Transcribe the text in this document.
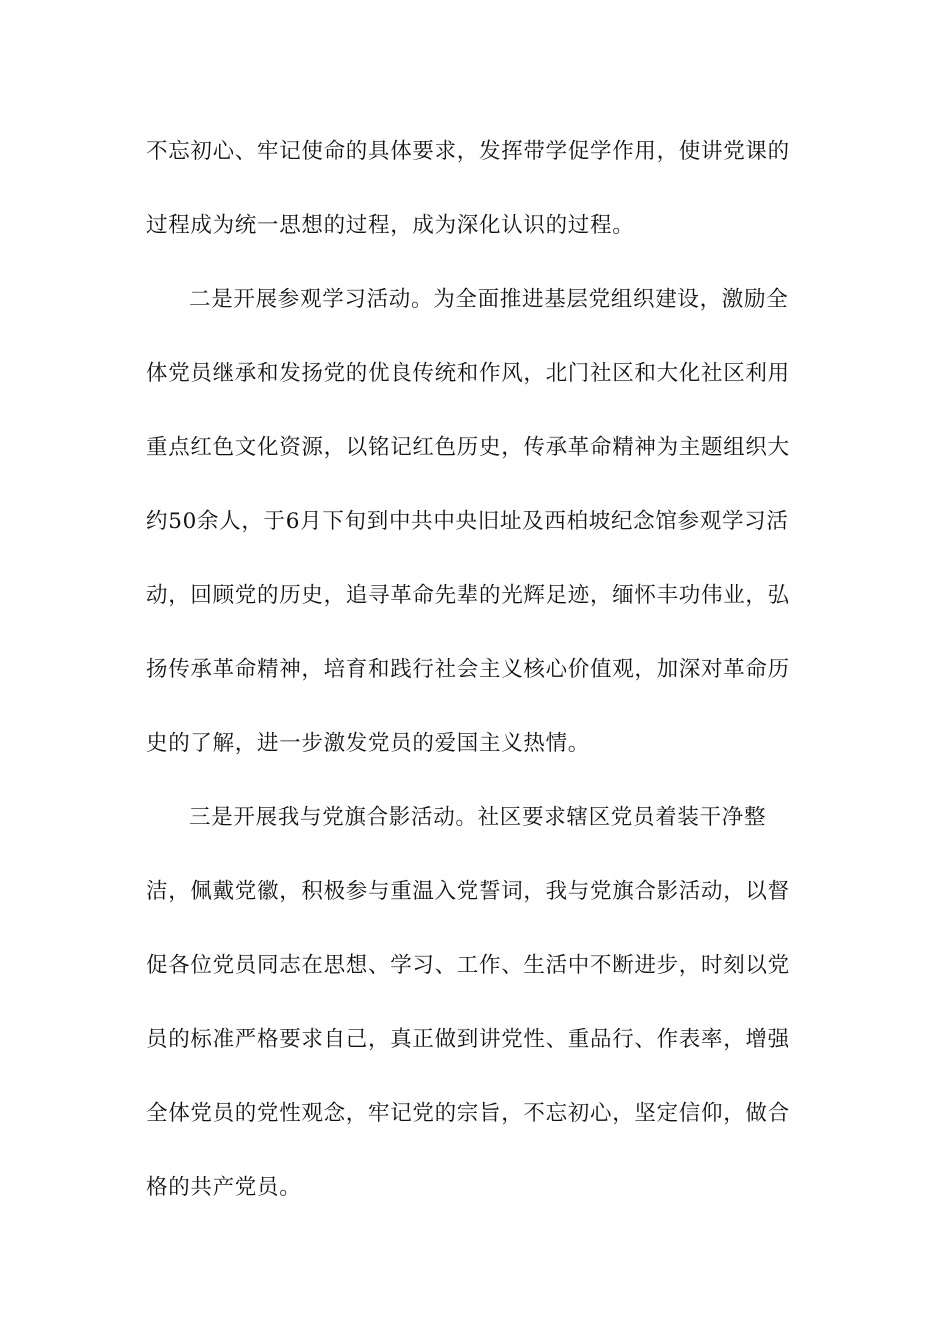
不忘初心、牢记使命的具体要求，发挥带学促学作用，使讲党课的
过程成为统一思想的过程，成为深化认识的过程。
二是开展参观学习活动。为全面推进基层党组织建设，激励全
体党员继承和发扬党的优良传统和作风，北门社区和大化社区利用
重点红色文化资源，以铭记红色历史，传承革命精神为主题组织大
约50余人，于6月下旬到中共中央旧址及西柏坡纪念馆参观学习活
动，回顾党的历史，追寻革命先辈的光辉足迹，缅怀丰功伟业，弘
扬传承革命精神，培育和践行社会主义核心价值观，加深对革命历
史的了解，进一步激发党员的爱国主义热情。
三是开展我与党旗合影活动。社区要求辖区党员着装干净整
洁，佩戴党徽，积极参与重温入党誓词，我与党旗合影活动，以督
促各位党员同志在思想、学习、工作、生活中不断进步，时刻以党
员的标准严格要求自己，真正做到讲党性、重品行、作表率，增强
全体党员的党性观念，牢记党的宗旨，不忘初心，坚定信仰，做合
格的共产党员。
